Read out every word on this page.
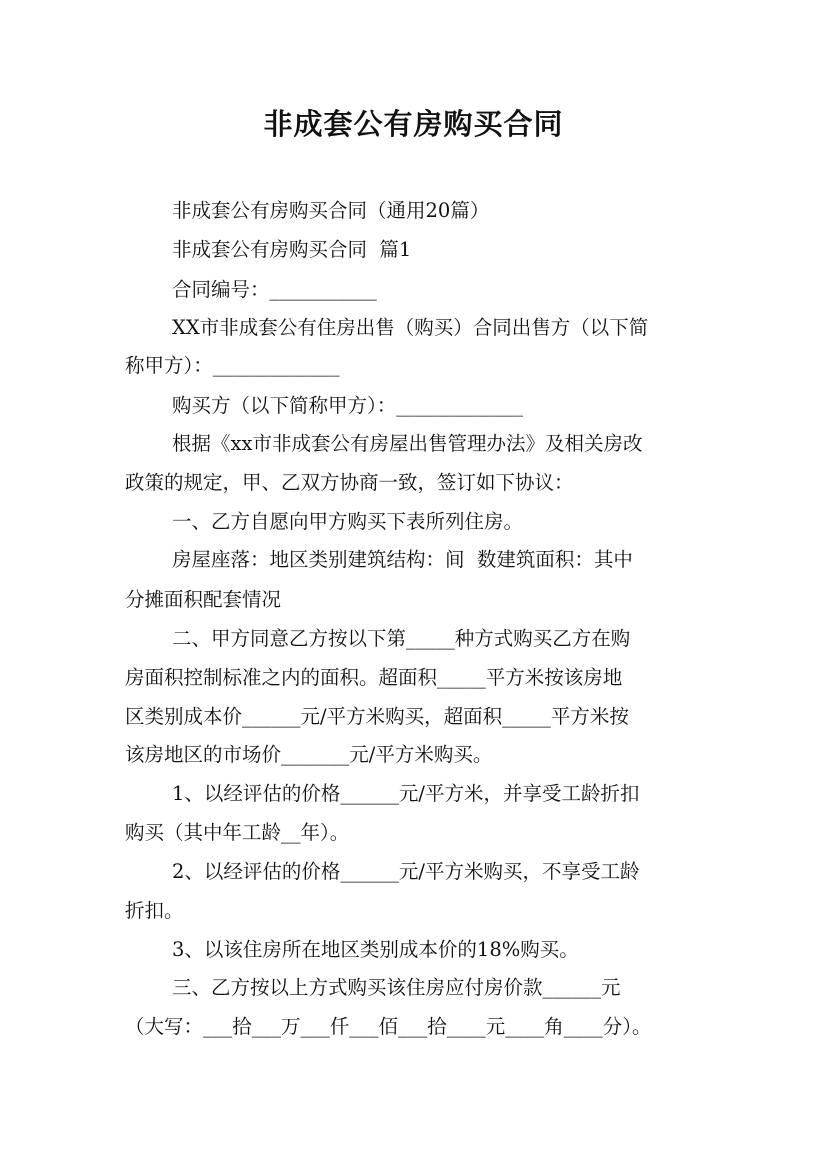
非成套公有房购买合同
非成套公有房购买合同（通用20篇）
非成套公有房购买合同  篇1
合同编号：___________
XX市非成套公有住房出售（购买）合同出售方（以下简
称甲方）：_____________
购买方（以下简称甲方）：_____________
根据《xx市非成套公有房屋出售管理办法》及相关房改
政策的规定，甲、乙双方协商一致，签订如下协议：
一、乙方自愿向甲方购买下表所列住房。
房屋座落：地区类别建筑结构：间  数建筑面积：其中
分摊面积配套情况
二、甲方同意乙方按以下第_____种方式购买乙方在购
房面积控制标准之内的面积。超面积_____平方米按该房地
区类别成本价______元/平方米购买，超面积_____平方米按
该房地区的市场价_______元/平方米购买。
1、以经评估的价格______元/平方米，并享受工龄折扣
购买（其中年工龄__年）。
2、以经评估的价格______元/平方米购买，不享受工龄
折扣。
3、以该住房所在地区类别成本价的18%购买。
三、乙方按以上方式购买该住房应付房价款______元
（大写：___拾___万___仟___佰___拾____元____角____分）。
